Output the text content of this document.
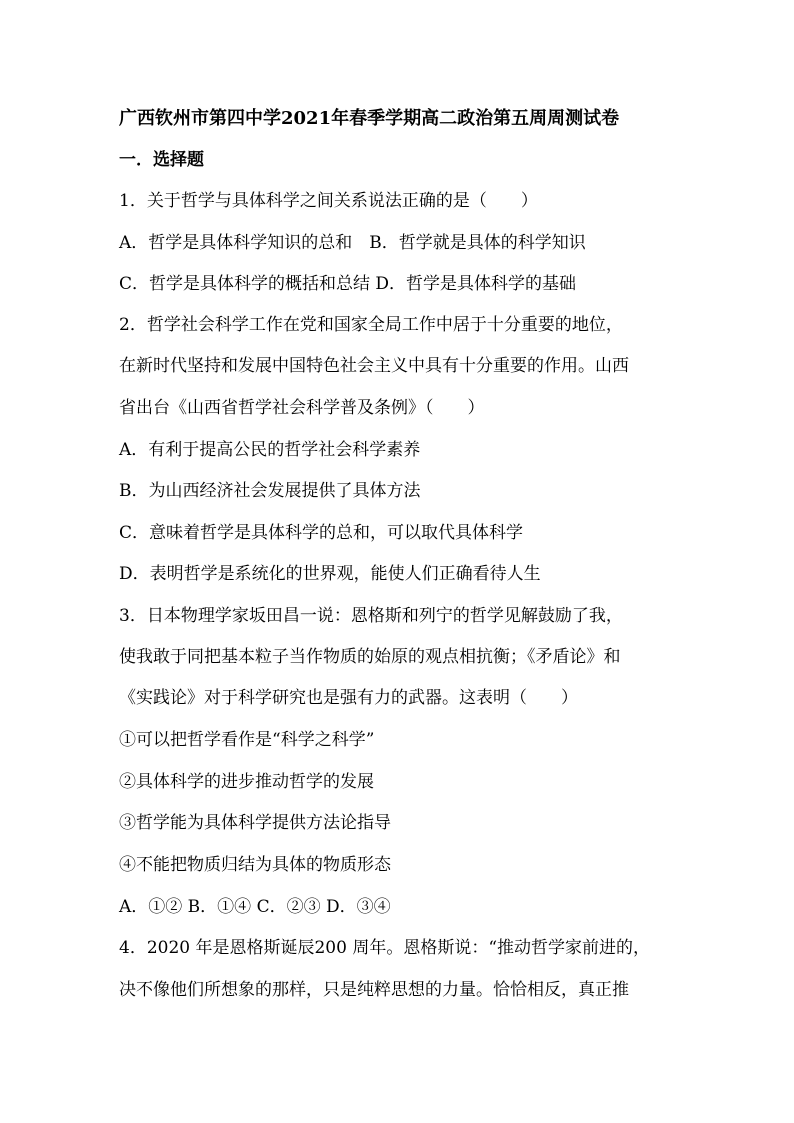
广西钦州市第四中学2021年春季学期高二政治第五周周测试卷
一．选择题
1．关于哲学与具体科学之间关系说法正确的是（　　）
A．哲学是具体科学知识的总和　B．哲学就是具体的科学知识
C．哲学是具体科学的概括和总结 D．哲学是具体科学的基础
2．哲学社会科学工作在党和国家全局工作中居于十分重要的地位，
在新时代坚持和发展中国特色社会主义中具有十分重要的作用。山西
省出台《山西省哲学社会科学普及条例》（　　）
A．有利于提高公民的哲学社会科学素养
B．为山西经济社会发展提供了具体方法
C．意味着哲学是具体科学的总和，可以取代具体科学
D．表明哲学是系统化的世界观，能使人们正确看待人生
3．日本物理学家坂田昌一说：恩格斯和列宁的哲学见解鼓励了我，
使我敢于同把基本粒子当作物质的始原的观点相抗衡；《矛盾论》和
《实践论》对于科学研究也是强有力的武器。这表明（　　）
①可以把哲学看作是“科学之科学”
②具体科学的进步推动哲学的发展
③哲学能为具体科学提供方法论指导
④不能把物质归结为具体的物质形态
A．①② B．①④ C．②③ D．③④
4．2020 年是恩格斯诞辰200 周年。恩格斯说：“推动哲学家前进的，
决不像他们所想象的那样，只是纯粹思想的力量。恰恰相反，真正推
